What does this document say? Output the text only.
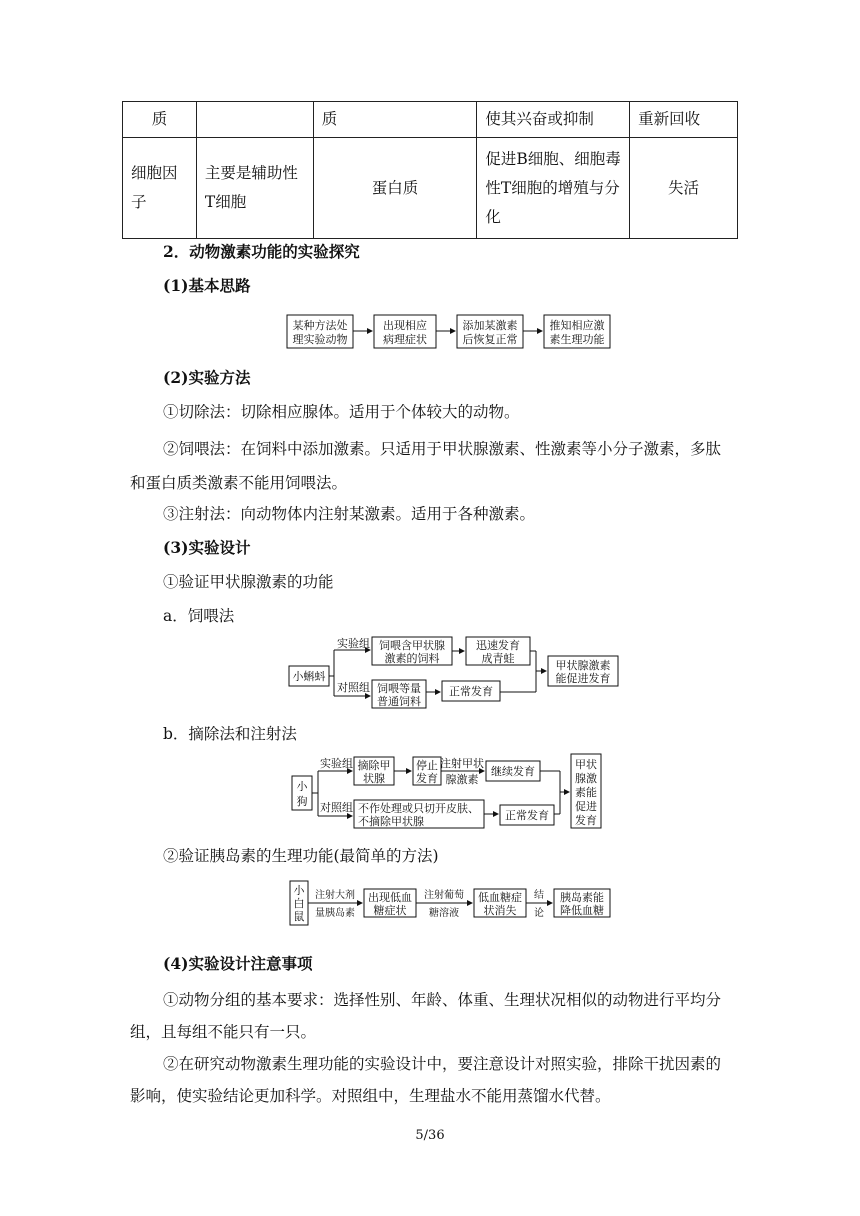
质		质	使其兴奋或抑制	重新回收
细胞因子	主要是辅助性T细胞	蛋白质	促进B细胞、细胞毒性T细胞的增殖与分化	失活
2．动物激素功能的实验探究
(1)基本思路
某种方法处
理实验动物
出现相应
病理症状
添加某激素
后恢复正常
推知相应激
素生理功能
(2)实验方法
①切除法：切除相应腺体。适用于个体较大的动物。
②饲喂法：在饲料中添加激素。只适用于甲状腺激素、性激素等小分子激素，多肽和蛋白质类激素不能用饲喂法。
③注射法：向动物体内注射某激素。适用于各种激素。
(3)实验设计
①验证甲状腺激素的功能
a．饲喂法
小蝌蚪
实验组
对照组
饲喂含甲状腺
激素的饲料
迅速发育
成青蛙
饲喂等量
普通饲料
正常发育
甲状腺激素
能促进发育
b．摘除法和注射法
小
狗
实验组
对照组
摘除甲
状腺
停止
发育
注射甲状
腺激素
继续发育
不作处理或只切开皮肤、
不摘除甲状腺	正常发育
甲状
腺激
素能
促进
发育
②验证胰岛素的生理功能(最简单的方法)
小
白
鼠
注射大剂
量胰岛素
出现低血
糖症状
注射葡萄
糖溶液
低血糖症
状消失
结
论
胰岛素能
降低血糖
(4)实验设计注意事项
①动物分组的基本要求：选择性别、年龄、体重、生理状况相似的动物进行平均分组，且每组不能只有一只。
②在研究动物激素生理功能的实验设计中，要注意设计对照实验，排除干扰因素的影响，使实验结论更加科学。对照组中，生理盐水不能用蒸馏水代替。
5/36
